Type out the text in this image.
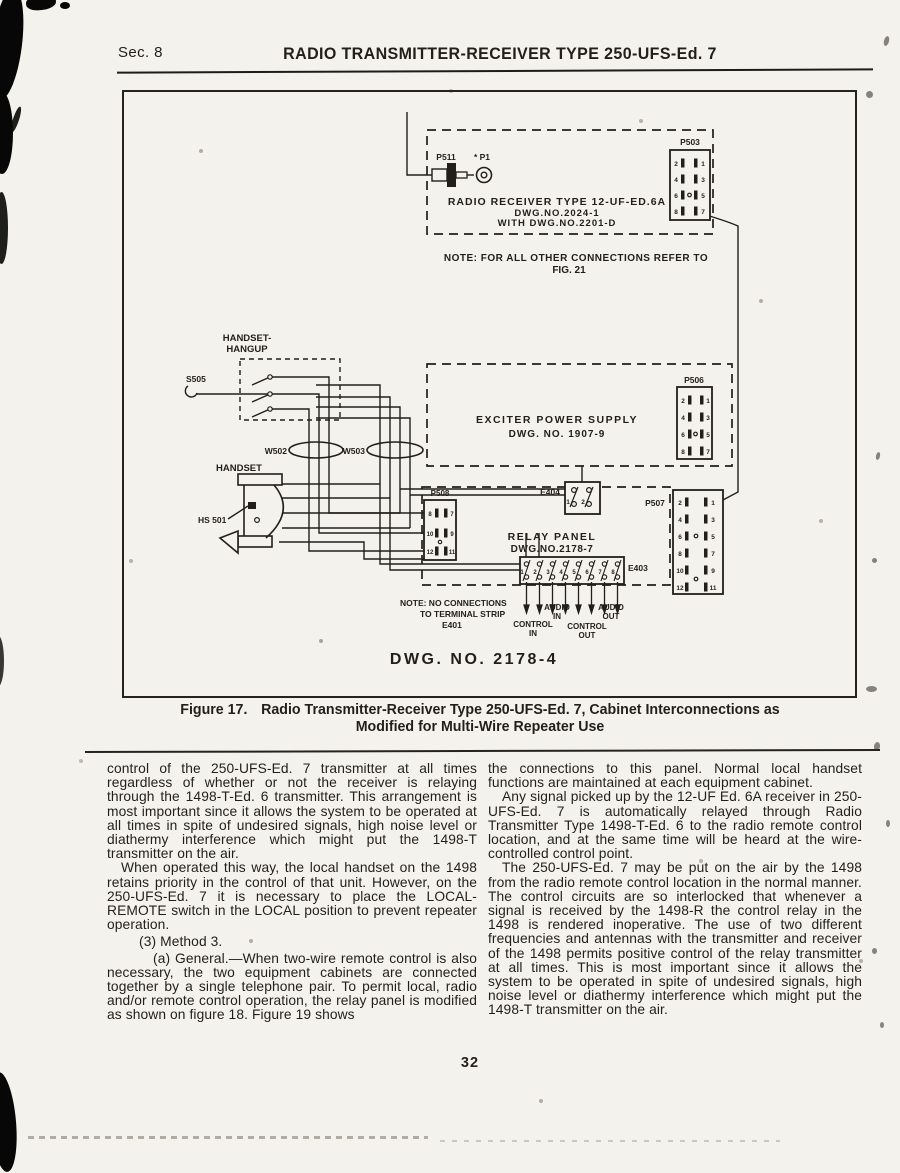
Sec. 8	RADIO TRANSMITTER-RECEIVER TYPE 250-UFS-Ed. 7
P511 * P1
RADIO RECEIVER TYPE 12-UF-ED.6A
DWG.NO.2024-1
WITH DWG.NO.2201-D
P503
2	1
4	3
6	5
8	7
NOTE: FOR ALL OTHER CONNECTIONS REFER TO
FIG. 21
HANDSET-
HANGUP
S505
W502	W503
HANDSET
HS 501
EXCITER POWER SUPPLY
DWG. NO. 1907-9
P506
2	1
4	3
6	5
8	7
P508
8	7
10	9
12	11
E404
1 2
RELAY PANEL
DWG.NO.2178-7
P507 2	1
4	3
6	5
8	7
10	9
12	11
E403
1 2 3 4 5 6 7 8
NOTE: NO CONNECTIONS
TO TERMINAL STRIP
E401	CONTROL
IN
AUDIO
IN
CONTROL
OUT
AUDIO
OUT
DWG. NO. 2178-4
Figure 17. Radio Transmitter-Receiver Type 250-UFS-Ed. 7, Cabinet Interconnections as
Modified for Multi-Wire Repeater Use

control of the 250-UFS-Ed. 7 transmitter at all times regardless of whether or not the receiver is relaying through the 1498-T-Ed. 6 transmitter. This arrangement is most important since it allows the system to be operated at all times in spite of undesired signals, high noise level or diathermy interference which might put the 1498-T transmitter on the air.

When operated this way, the local handset on the 1498 retains priority in the control of that unit. However, on the 250-UFS-Ed. 7 it is necessary to place the LOCAL-REMOTE switch in the LOCAL position to prevent repeater operation.

(3) Method 3.

(a) General.—When two-wire remote control is also necessary, the two equipment cabinets are connected together by a single telephone pair. To permit local, radio and/or remote control operation, the relay panel is modified as shown on figure 18. Figure 19 shows

the connections to this panel. Normal local handset functions are maintained at each equipment cabinet.

Any signal picked up by the 12-UF Ed. 6A receiver in 250-UFS-Ed. 7 is automatically relayed through Radio Transmitter Type 1498-T-Ed. 6 to the radio remote control location, and at the same time will be heard at the wire-controlled control point.

The 250-UFS-Ed. 7 may be put on the air by the 1498 from the radio remote control location in the normal manner. The control circuits are so interlocked that whenever a signal is received by the 1498-R the control relay in the 1498 is rendered inoperative. The use of two different frequencies and antennas with the transmitter and receiver of the 1498 permits positive control of the relay transmitter at all times. This is most important since it allows the system to be operated in spite of undesired signals, high noise level or diathermy interference which might put the 1498-T transmitter on the air.

32
